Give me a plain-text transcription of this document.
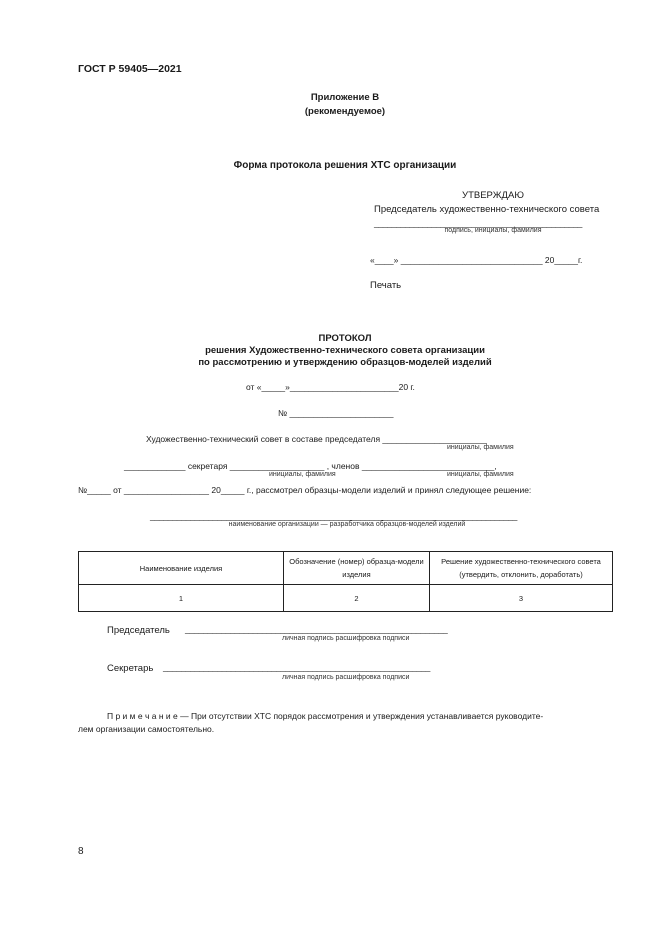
ГОСТ Р 59405—2021
Приложение В
(рекомендуемое)
Форма протокола решения ХТС организации
УТВЕРЖДАЮ
Председатель художественно-технического совета
_______________________________________________
подпись, инициалы, фамилия
«____» ______________________________ 20_____г.
Печать
ПРОТОКОЛ
решения Художественно-технического совета организации
по рассмотрению и утверждению образцов-моделей изделий
от «_____»_______________________20 г.
№ ______________________
Художественно-технический совет в составе председателя ______________________
инициалы, фамилия
_____________ секретаря ____________________ , членов ____________________________,
инициалы, фамилия	инициалы, фамилия
№_____ от __________________ 20_____ г., рассмотрел образцы-модели изделий и принял следующее решение:
__________________________________________________________________________________
наименование организации — разработчика образцов-моделей изделий
Наименование изделия	Обозначение (номер) образца-модели изделия	Решение художественно-технического совета (утвердить, отклонить, доработать)
1	2	3
Председатель __________________________________________________________
личная подпись расшифровка подписи
Секретарь ___________________________________________________________
личная подпись расшифровка подписи
П р и м е ч а н и е — При отсутствии ХТС порядок рассмотрения и утверждения устанавливается руководите-
лем организации самостоятельно.
8
